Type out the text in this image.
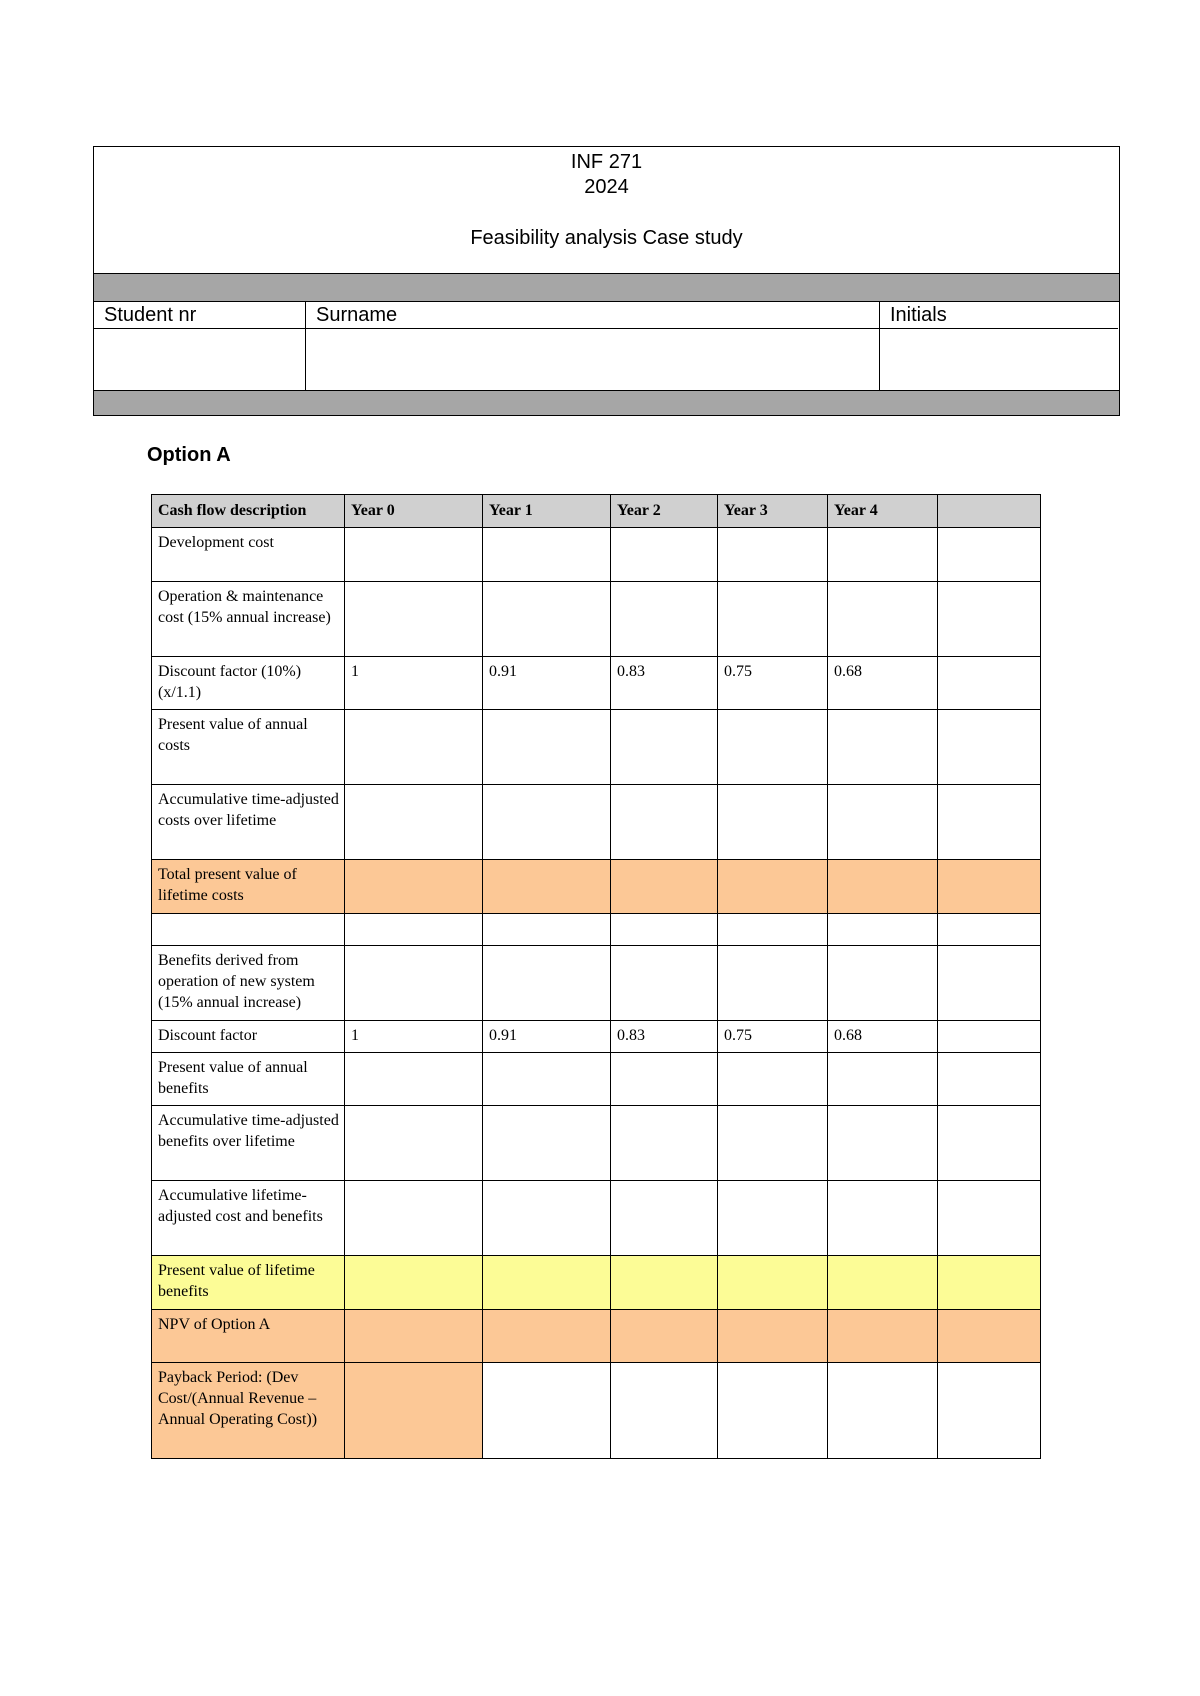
INF 271
2024
Feasibility analysis Case study
Student nr	Surname	Initials
Option A
Cash flow description	Year 0	Year 1	Year 2	Year 3	Year 4	
Development cost						
Operation & maintenance cost (15% annual increase)						
Discount factor (10%) (x/1.1)	1	0.91	0.83	0.75	0.68	
Present value of annual costs						
Accumulative time-adjusted costs over lifetime						
Total present value of lifetime costs						

Benefits derived from operation of new system (15% annual increase)						
Discount factor	1	0.91	0.83	0.75	0.68	
Present value of annual benefits						
Accumulative time-adjusted benefits over lifetime						
Accumulative lifetime-adjusted cost and benefits						
Present value of lifetime benefits						
NPV of Option A						
Payback Period: (Dev Cost/(Annual Revenue – Annual Operating Cost))						
